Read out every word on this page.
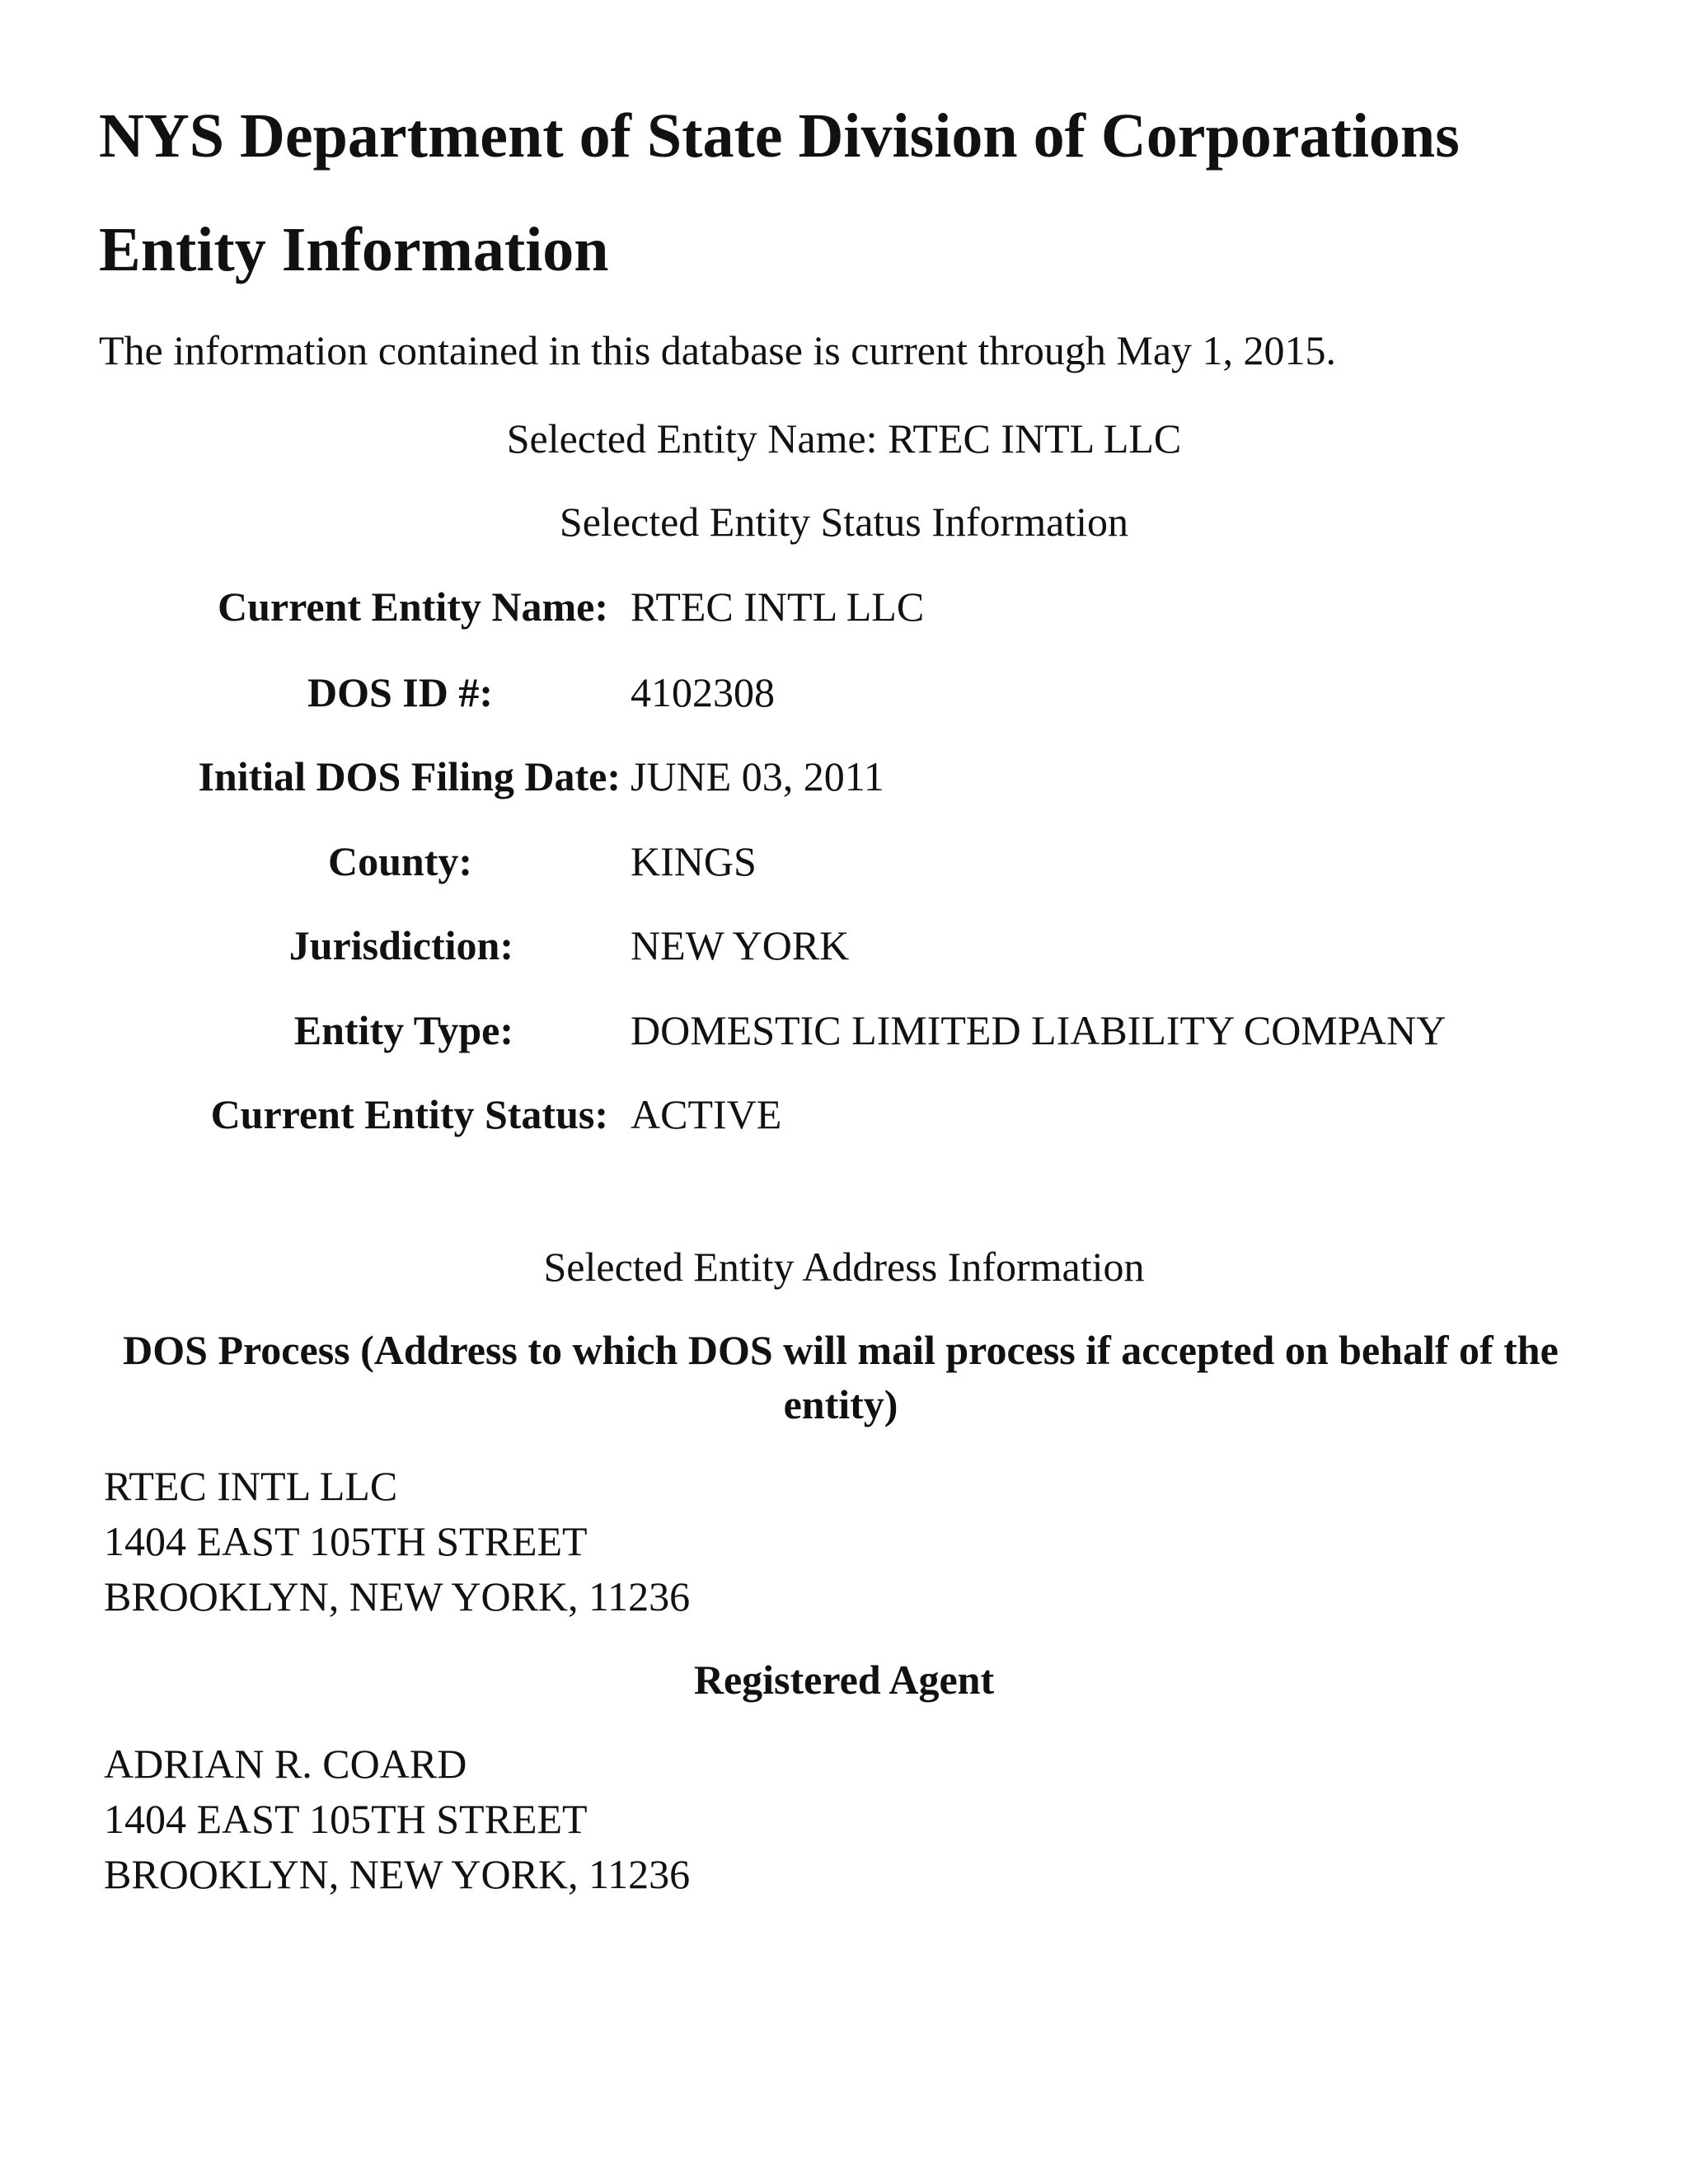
NYS Department of State Division of Corporations
Entity Information
The information contained in this database is current through May 1, 2015.
Selected Entity Name: RTEC INTL LLC
Selected Entity Status Information
Current Entity Name: RTEC INTL LLC
DOS ID #:	4102308
Initial DOS Filing Date: JUNE 03, 2011
County:	KINGS
Jurisdiction:	NEW YORK
Entity Type:	DOMESTIC LIMITED LIABILITY COMPANY
Current Entity Status: ACTIVE
Selected Entity Address Information
DOS Process (Address to which DOS will mail process if accepted on behalf of the entity)
RTEC INTL LLC
1404 EAST 105TH STREET
BROOKLYN, NEW YORK, 11236
Registered Agent
ADRIAN R. COARD
1404 EAST 105TH STREET
BROOKLYN, NEW YORK, 11236
